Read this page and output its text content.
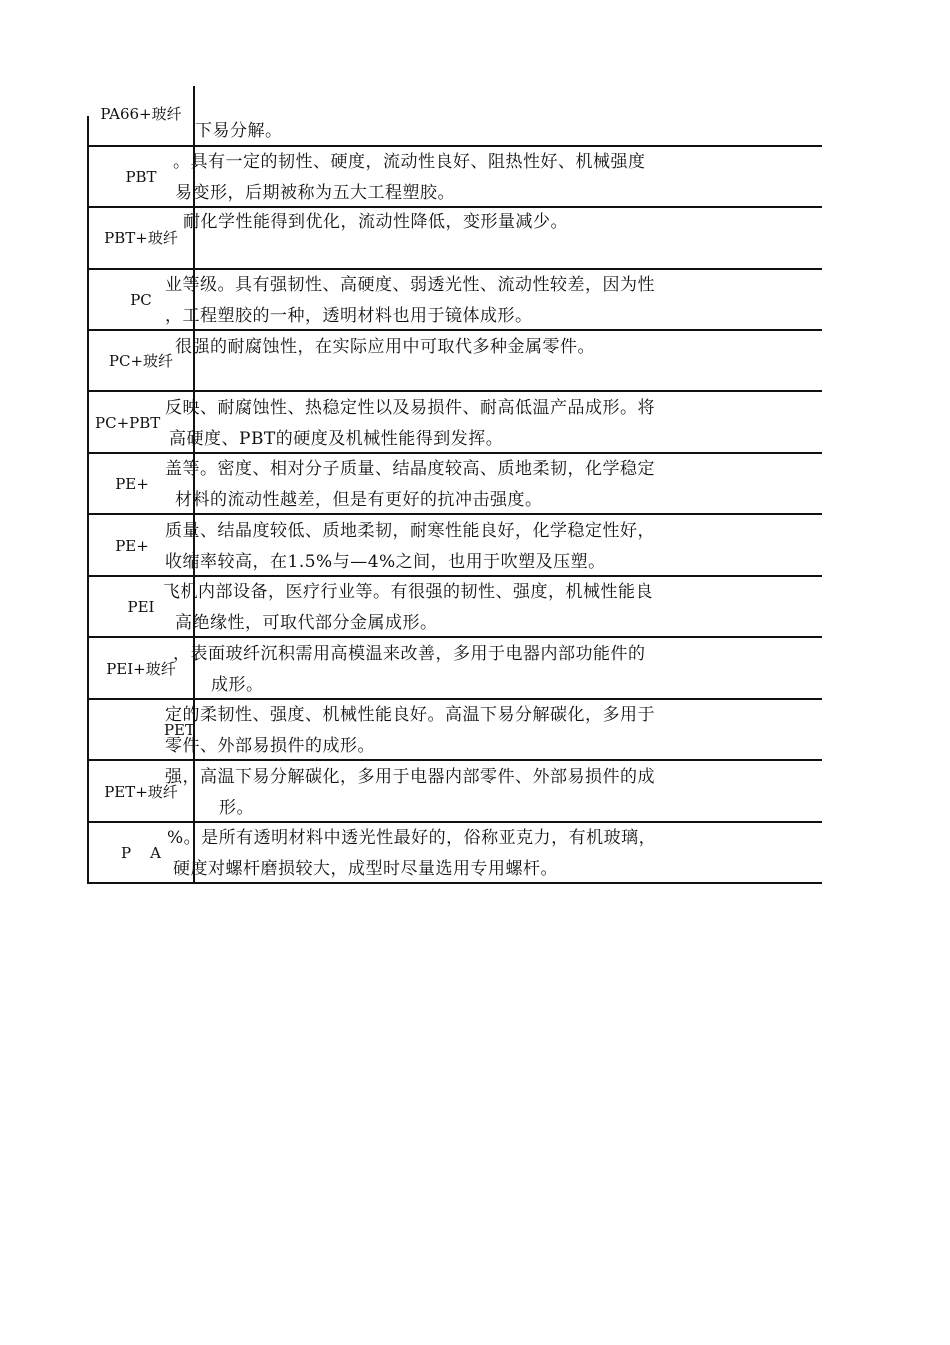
PA66+玻纤
下易分解。
PBT
。具有一定的韧性、硬度，流动性良好、阻热性好、机械强度
易变形，后期被称为五大工程塑胶。
PBT+玻纤
耐化学性能得到优化，流动性降低，变形量减少。
PC
业等级。具有强韧性、高硬度、弱透光性、流动性较差，因为性
，工程塑胶的一种，透明材料也用于镜体成形。
PC+玻纤
很强的耐腐蚀性，在实际应用中可取代多种金属零件。
PC+PBT
反映、耐腐蚀性、热稳定性以及易损件、耐高低温产品成形。将
高硬度、PBT的硬度及机械性能得到发挥。
PE+
盖等。密度、相对分子质量、结晶度较高、质地柔韧，化学稳定
材料的流动性越差，但是有更好的抗冲击强度。
PE+
质量、结晶度较低、质地柔韧，耐寒性能良好，化学稳定性好，
收缩率较高，在1.5%与—4%之间，也用于吹塑及压塑。
PEI
飞机内部设备，医疗行业等。有很强的韧性、强度，机械性能良
高绝缘性，可取代部分金属成形。
PEI+玻纤
，表面玻纤沉积需用高模温来改善，多用于电器内部功能件的
成形。
PET
定的柔韧性、强度、机械性能良好。高温下易分解碳化，多用于
零件、外部易损件的成形。
PET+玻纤
强，高温下易分解碳化，多用于电器内部零件、外部易损件的成
形。
P    A
%。是所有透明材料中透光性最好的，俗称亚克力，有机玻璃，
硬度对螺杆磨损较大，成型时尽量选用专用螺杆。
